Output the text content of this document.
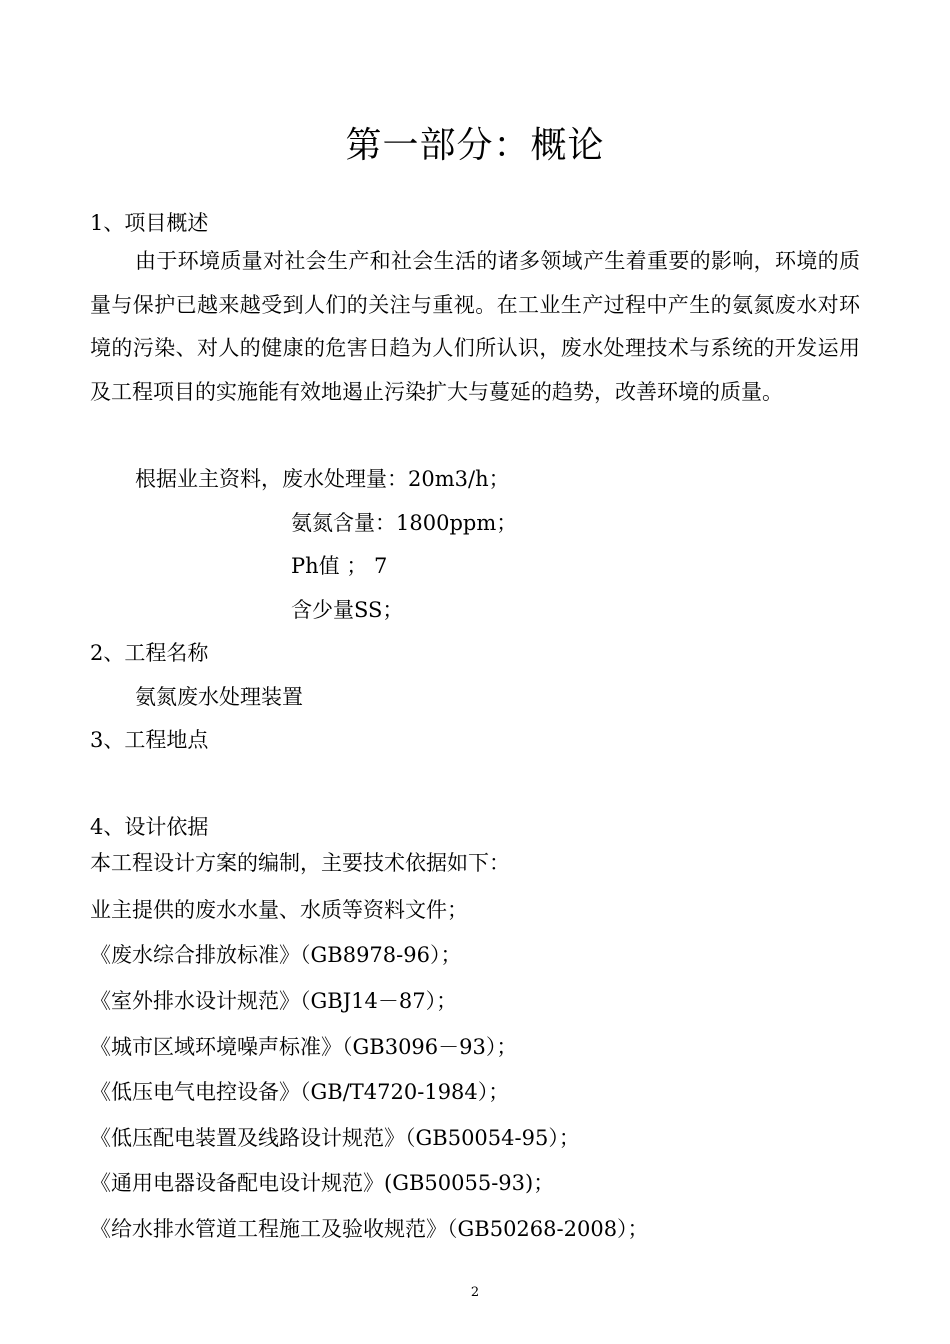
第一部分：概论
1、项目概述
由于环境质量对社会生产和社会生活的诸多领域产生着重要的影响，环境的质量与保护已越来越受到人们的关注与重视。在工业生产过程中产生的氨氮废水对环境的污染、对人的健康的危害日趋为人们所认识，废水处理技术与系统的开发运用及工程项目的实施能有效地遏止污染扩大与蔓延的趋势，改善环境的质量。
根据业主资料，废水处理量：20m3/h；
氨氮含量：1800ppm；
Ph值 ； 7
含少量SS；
2、工程名称
氨氮废水处理装置
3、工程地点
4、设计依据
本工程设计方案的编制，主要技术依据如下：
业主提供的废水水量、水质等资料文件；
《废水综合排放标准》（GB8978-96）；
《室外排水设计规范》（GBJ14－87）；
《城市区域环境噪声标准》（GB3096－93）；
《低压电气电控设备》（GB/T4720-1984）；
《低压配电装置及线路设计规范》（GB50054-95）；
《通用电器设备配电设计规范》(GB50055-93)；
《给水排水管道工程施工及验收规范》（GB50268-2008）；
2
